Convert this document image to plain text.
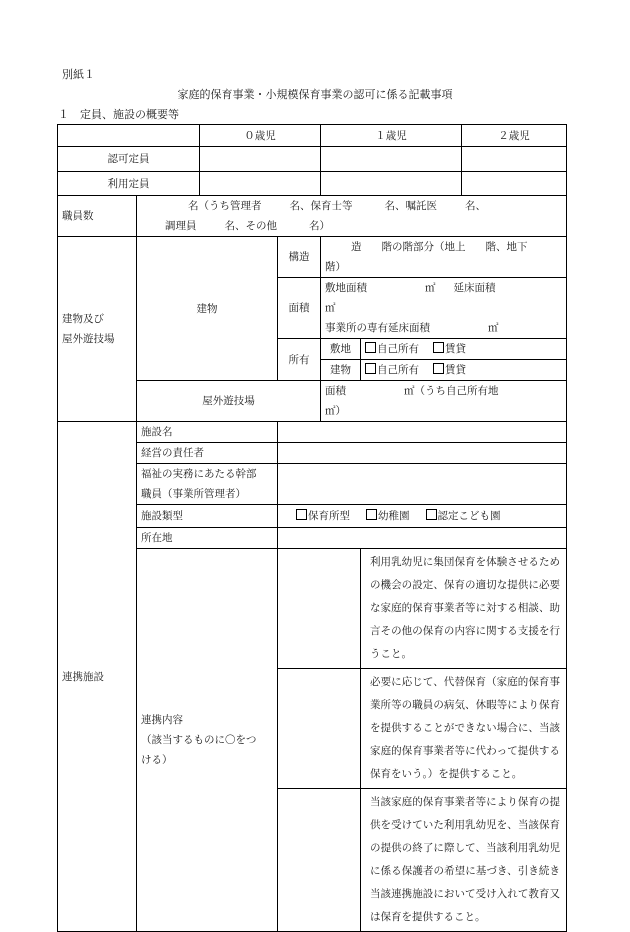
別紙１
家庭的保育事業・小規模保育事業の認可に係る記載事項
１　定員、施設の概要等
		０歳児		１歳児		２歳児	
認可定員							
利用定員							
職員数	名（うち管理者 名、保育士等 名、嘱託医 名、
調理員 名、その他 名）						

建物及び
屋外遊技場	建物		構造	造 階の階部分（地上 階、地下階）			
			面積	敷地面積 ㎡ 延床面積㎡
事業所の専有延床面積 ㎡			

			所有	敷地	自己所有 賃貸		
				建物	自己所有 賃貸		
	屋外遊技場			面積 ㎡（うち自己所有地㎡）			
連携施設	施設名						
	経営の責任者						

	福祉の実務にあたる幹部
職員（事業所管理者）						

	施設類型		保育所型 幼稚園 認定こども園				
	所在地						

	連携内容
（該当するものに〇をつ
ける）				利用乳幼児に集団保育を体験させるための機会の設定、保育の適切な提供に必要な家庭的保育事業者等に対する相談、助言その他の保育の内容に関する支援を行うこと。		

					必要に応じて、代替保育（家庭的保育事業所等の職員の病気、休暇等により保育を提供することができない場合に、当該家庭的保育事業者等に代わって提供する保育をいう。）を提供すること。		

					当該家庭的保育事業者等により保育の提供を受けていた利用乳幼児を、当該保育の提供の終了に際して、当該利用乳幼児に係る保護者の希望に基づき、引き続き当該連携施設において受け入れて教育又は保育を提供すること。		
